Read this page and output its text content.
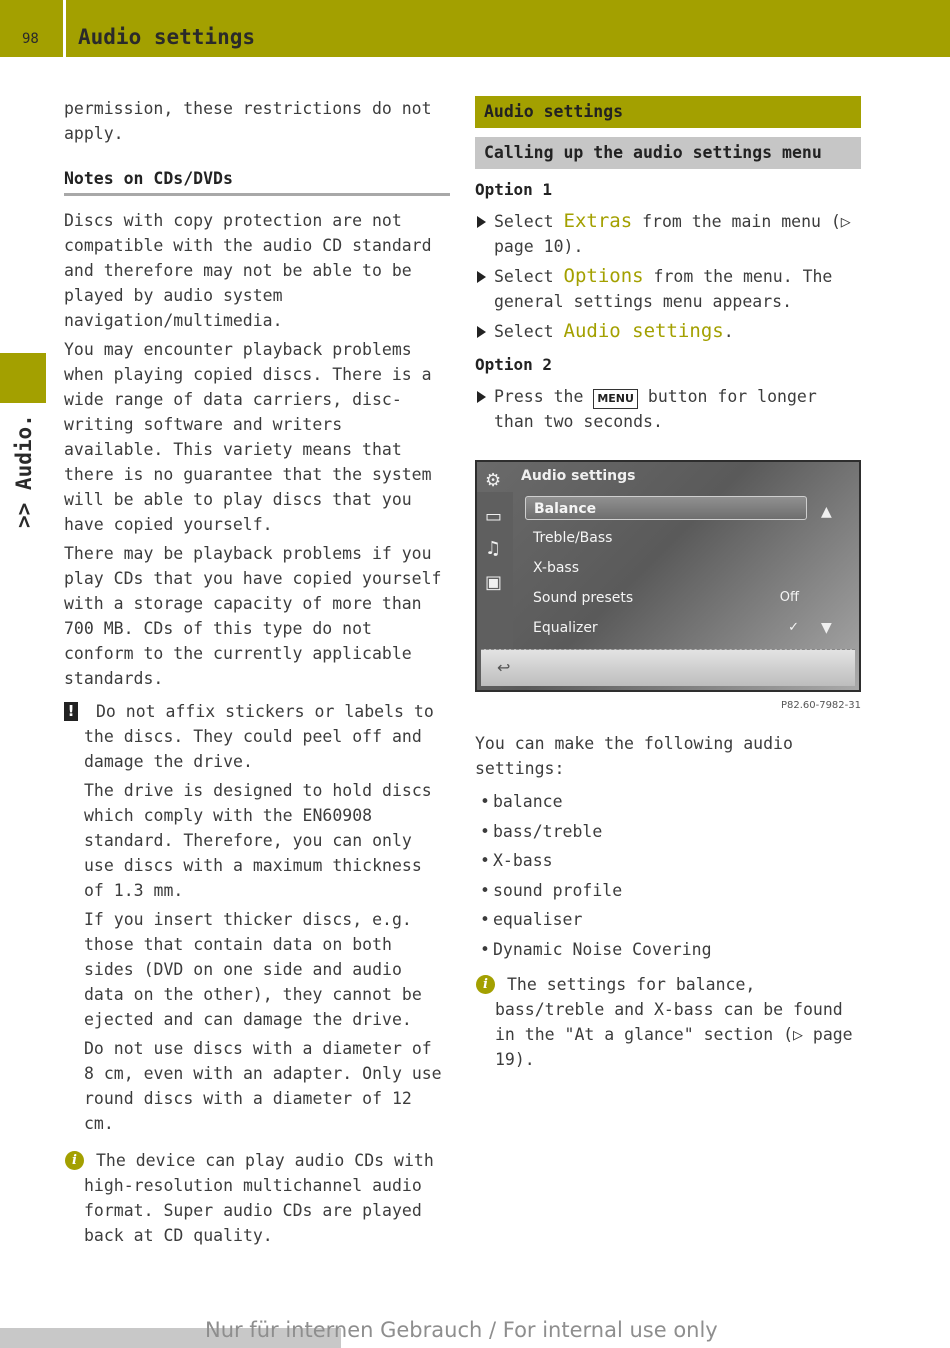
98 Audio settings
>> Audio.

permission, these restrictions do not apply.

Notes on CDs/DVDs

Discs with copy protection are not compatible with the audio CD standard and therefore may not be able to be played by audio system navigation/multimedia.

You may encounter playback problems when playing copied discs. There is a wide range of data carriers, disc-writing software and writers available. This variety means that there is no guarantee that the system will be able to play discs that you have copied yourself.

There may be playback problems if you play CDs that you have copied yourself with a storage capacity of more than 700 MB. CDs of this type do not conform to the currently applicable standards.

!	Do not affix stickers or labels to the discs. They could peel off and damage the drive.

The drive is designed to hold discs which comply with the EN60908 standard. Therefore, you can only use discs with a maximum thickness of 1.3 mm.

If you insert thicker discs, e.g. those that contain data on both sides (DVD on one side and audio data on the other), they cannot be ejected and can damage the drive.

Do not use discs with a diameter of 8 cm, even with an adapter. Only use round discs with a diameter of 12 cm.

i	The device can play audio CDs with high-resolution multichannel audio format. Super audio CDs are played back at CD quality.

Audio settings
Calling up the audio settings menu
Option 1
Select Extras from the main menu (▷ page 10).
Select Options from the menu. The general settings menu appears.
Select Audio settings.
Option 2
Press the MENU button for longer than two seconds.
⚙ Audio settings
▭
♫
▣
Balance
Treble/Bass
X-bass
Sound presets	Off
Equalizer	✓
▲
▼
↩
P82.60-7982-31

You can make the following audio settings:

• balance
• bass/treble
• X-bass
• sound profile
• equaliser
• Dynamic Noise Covering
i	The settings for balance, bass/treble and X-bass can be found in the "At a glance" section (▷ page 19).

Nur für internen Gebrauch / For internal use only
